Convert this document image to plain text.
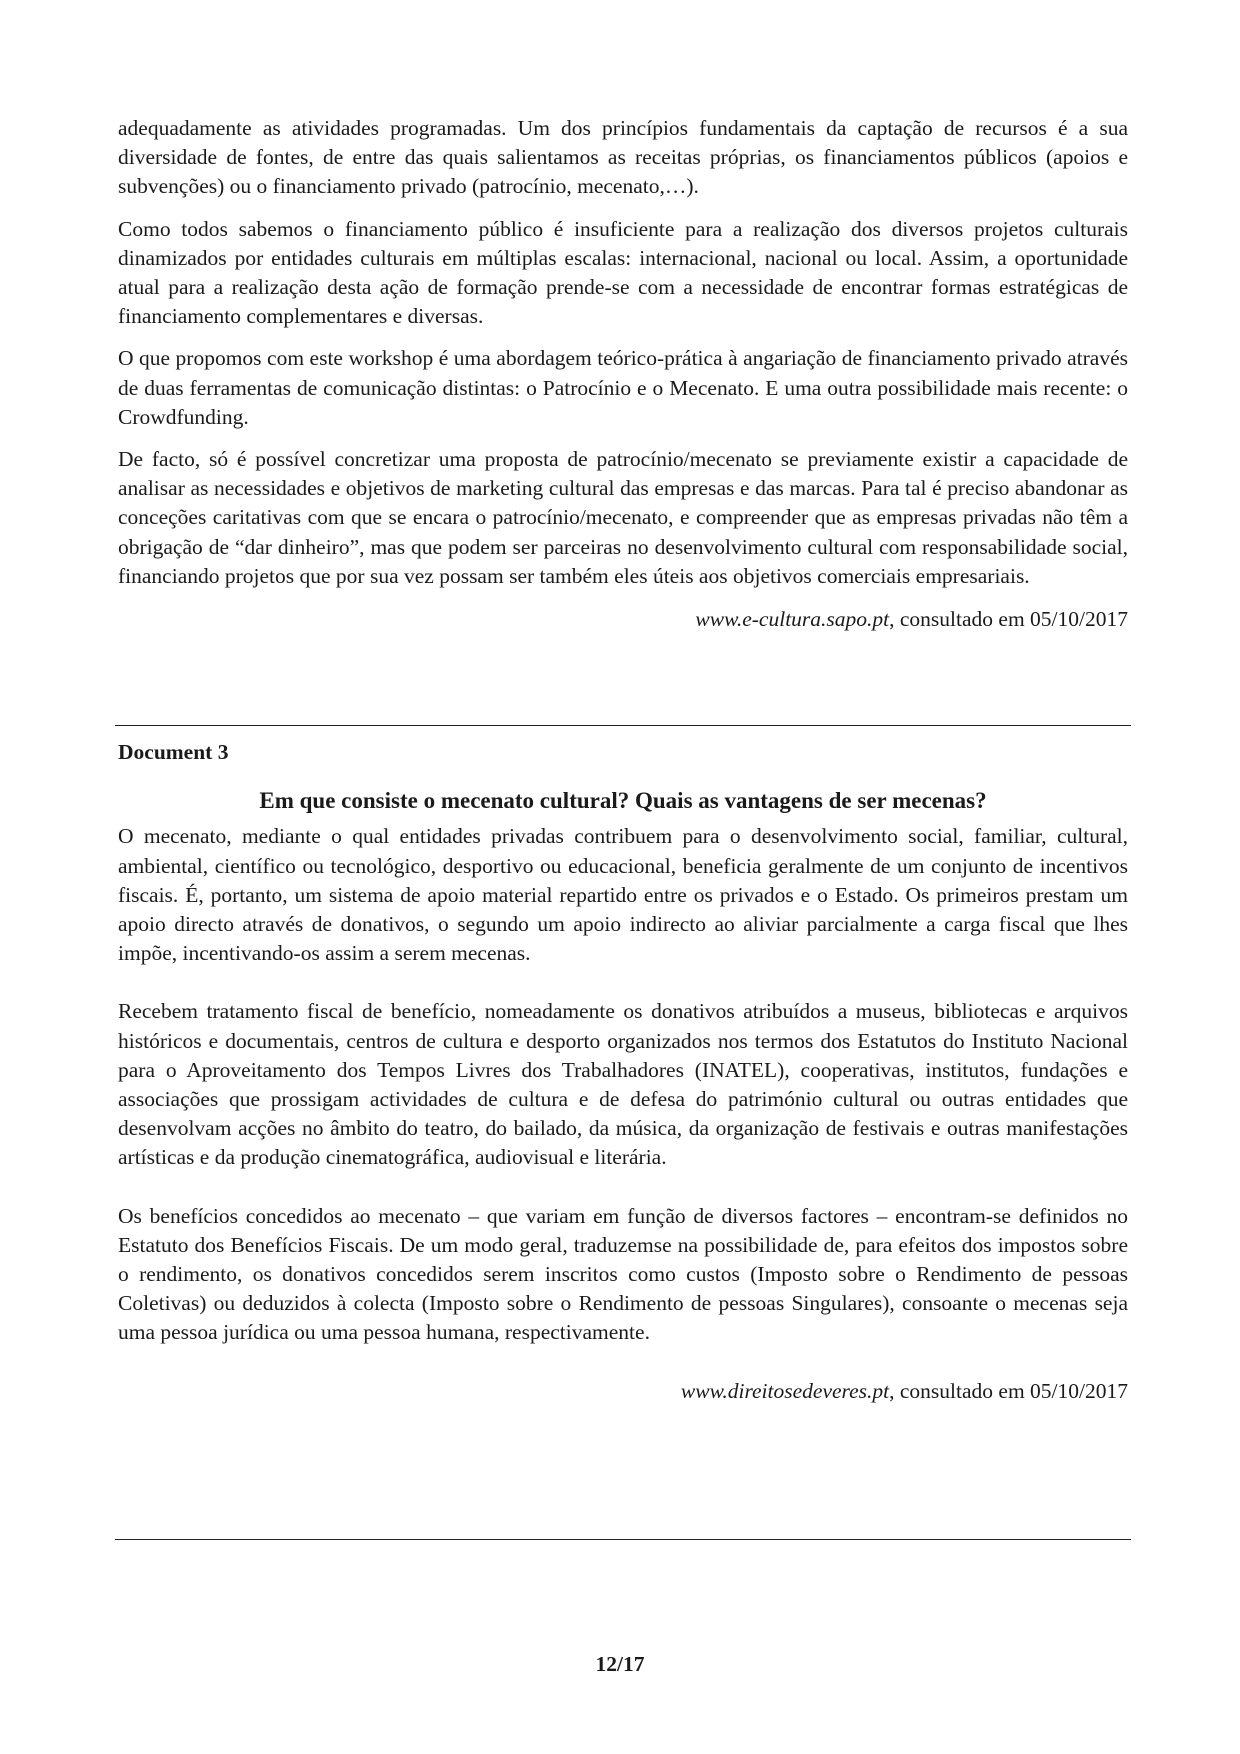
adequadamente as atividades programadas. Um dos princípios fundamentais da captação de recursos é a sua diversidade de fontes, de entre das quais salientamos as receitas próprias, os financiamentos públicos (apoios e subvenções) ou o financiamento privado (patrocínio, mecenato,…).

Como todos sabemos o financiamento público é insuficiente para a realização dos diversos projetos culturais dinamizados por entidades culturais em múltiplas escalas: internacional, nacional ou local. Assim, a oportunidade atual para a realização desta ação de formação prende-se com a necessidade de encontrar formas estratégicas de financiamento complementares e diversas.

O que propomos com este workshop é uma abordagem teórico-prática à angariação de financiamento privado através de duas ferramentas de comunicação distintas: o Patrocínio e o Mecenato. E uma outra possibilidade mais recente: o Crowdfunding.

De facto, só é possível concretizar uma proposta de patrocínio/mecenato se previamente existir a capacidade de analisar as necessidades e objetivos de marketing cultural das empresas e das marcas. Para tal é preciso abandonar as conceções caritativas com que se encara o patrocínio/mecenato, e compreender que as empresas privadas não têm a obrigação de “dar dinheiro”, mas que podem ser parceiras no desenvolvimento cultural com responsabilidade social, financiando projetos que por sua vez possam ser também eles úteis aos objetivos comerciais empresariais.

www.e-cultura.sapo.pt, consultado em 05/10/2017

Document 3

Em que consiste o mecenato cultural? Quais as vantagens de ser mecenas?

O mecenato, mediante o qual entidades privadas contribuem para o desenvolvimento social, familiar, cultural, ambiental, científico ou tecnológico, desportivo ou educacional, beneficia geralmente de um conjunto de incentivos fiscais. É, portanto, um sistema de apoio material repartido entre os privados e o Estado. Os primeiros prestam um apoio directo através de donativos, o segundo um apoio indirecto ao aliviar parcialmente a carga fiscal que lhes impõe, incentivando-os assim a serem mecenas.

Recebem tratamento fiscal de benefício, nomeadamente os donativos atribuídos a museus, bibliotecas e arquivos históricos e documentais, centros de cultura e desporto organizados nos termos dos Estatutos do Instituto Nacional para o Aproveitamento dos Tempos Livres dos Trabalhadores (INATEL), cooperativas, institutos, fundações e associações que prossigam actividades de cultura e de defesa do património cultural ou outras entidades que desenvolvam acções no âmbito do teatro, do bailado, da música, da organização de festivais e outras manifestações artísticas e da produção cinematográfica, audiovisual e literária.

Os benefícios concedidos ao mecenato – que variam em função de diversos factores – encontram-se definidos no Estatuto dos Benefícios Fiscais. De um modo geral, traduzemse na possibilidade de, para efeitos dos impostos sobre o rendimento, os donativos concedidos serem inscritos como custos (Imposto sobre o Rendimento de pessoas Coletivas) ou deduzidos à colecta (Imposto sobre o Rendimento de pessoas Singulares), consoante o mecenas seja uma pessoa jurídica ou uma pessoa humana, respectivamente.

www.direitosedeveres.pt, consultado em 05/10/2017

12/17
